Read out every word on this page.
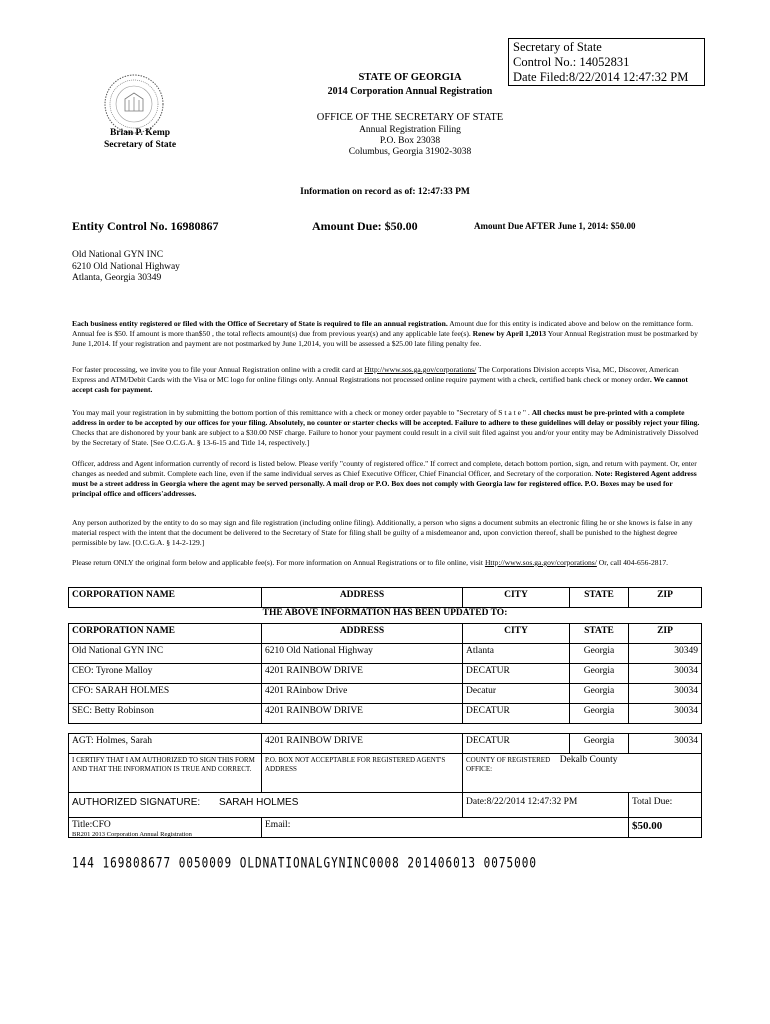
Secretary of State
Control No.: 14052831
Date Filed:8/22/2014 12:47:32 PM
STATE OF GEORGIA
2014 Corporation Annual Registration
Brian P. Kemp
Secretary of State
OFFICE OF THE SECRETARY OF STATE
Annual Registration Filing
P.O. Box 23038
Columbus, Georgia 31902-3038
Information on record as of: 12:47:33 PM
Entity Control No. 16980867	Amount Due: $50.00	Amount Due AFTER June 1, 2014: $50.00
Old National GYN INC
6210 Old National Highway
Atlanta, Georgia 30349
Each business entity registered or filed with the Office of Secretary of State is required to file an annual registration. Amount due for this entity is indicated above and below on the remittance form. Annual fee is $50. If amount is more than$50 , the total reflects amount(s) due from previous year(s) and any applicable late fee(s). Renew by April 1,2013 Your Annual Registration must be postmarked by June 1,2014. If your registration and payment are not postmarked by June 1,2014, you will be assessed a $25.00 late filing penalty fee.
For faster processing, we invite you to file your Annual Registration online with a credit card at Http://www.sos.ga.gov/corporations/ The Corporations Division accepts Visa, MC, Discover, American Express and ATM/Debit Cards with the Visa or MC logo for online filings only. Annual Registrations not processed online require payment with a check, certified bank check or money order. We cannot accept cash for payment.
You may mail your registration in by submitting the bottom portion of this remittance with a check or money order payable to "Secretary of S t a t e " . All checks must be pre-printed with a complete address in order to be accepted by our offices for your filing. Absolutely, no counter or starter checks will be accepted. Failure to adhere to these guidelines will delay or possibly reject your filing. Checks that are dishonored by your bank are subject to a $30.00 NSF charge. Failure to honor your payment could result in a civil suit filed against you and/or your entity may be Administratively Dissolved by the Secretary of State. [See O.C.G.A. § 13-6-15 and Title 14, respectively.]
Officer, address and Agent information currently of record is listed below. Please verify "county of registered office." If correct and complete, detach bottom portion, sign, and return with payment. Or, enter changes as needed and submit. Complete each line, even if the same individual serves as Chief Executive Officer, Chief Financial Officer, and Secretary of the corporation. Note: Registered Agent address must be a street address in Georgia where the agent may be served personally. A mail drop or P.O. Box does not comply with Georgia law for registered office. P.O. Boxes may be used for principal office and officers'addresses.
Any person authorized by the entity to do so may sign and file registration (including online filing). Additionally, a person who signs a document submits an electronic filing he or she knows is false in any material respect with the intent that the document be delivered to the Secretary of State for filing shall be guilty of a misdemeanor and, upon conviction thereof, shall be punished to the highest degree permissible by law. [O.C.G.A. § 14-2-129.]
Please return ONLY the original form below and applicable fee(s). For more information on Annual Registrations or to file online, visit Http://www.sos.ga.gov/corporations/ Or, call 404-656-2817.
CORPORATION NAME	ADDRESS	CITY	STATE	ZIP
THE ABOVE INFORMATION HAS BEEN UPDATED TO:
CORPORATION NAME	ADDRESS	CITY	STATE	ZIP
Old National GYN INC	6210 Old National Highway	Atlanta	Georgia	30349
CEO: Tyrone Malloy	4201 RAINBOW DRIVE	DECATUR	Georgia	30034
CFO: SARAH HOLMES	4201 RAinbow Drive	Decatur	Georgia	30034
SEC: Betty Robinson	4201 RAINBOW DRIVE	DECATUR	Georgia	30034
AGT: Holmes, Sarah	4201 RAINBOW DRIVE	DECATUR	Georgia	30034
I CERTIFY THAT I AM AUTHORIZED TO SIGN THIS FORM AND THAT THE INFORMATION IS TRUE AND CORRECT.	P.O. BOX NOT ACCEPTABLE FOR REGISTERED AGENT'S ADDRESS	COUNTY OF REGISTERED OFFICE: Dekalb County		
AUTHORIZED SIGNATURE: SARAH HOLMES		Date:8/22/2014 12:47:32 PM		Total Due:
Title:CFO	Email:			$50.00
BR201 2013 Corporation Annual Registration
144 169808677 0050009 OLDNATIONALGYNINC0008 201406013 0075000
